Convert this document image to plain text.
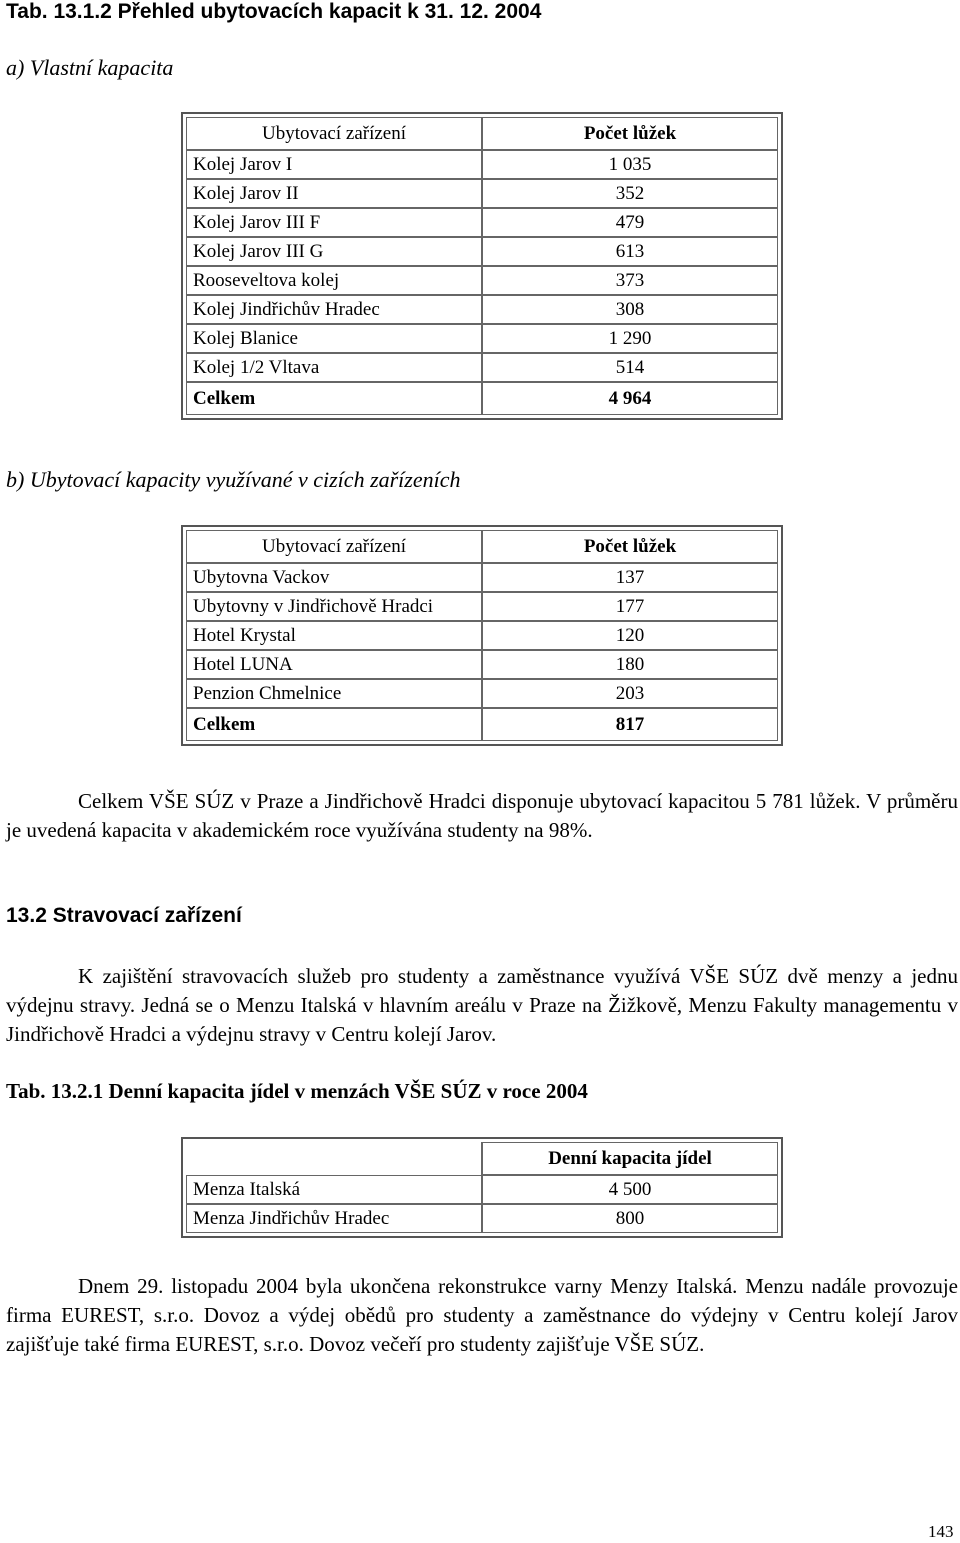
Tab. 13.1.2 Přehled ubytovacích kapacit k 31. 12. 2004
a) Vlastní kapacita
Ubytovací zařízení	Počet lůžek
Kolej Jarov I	1 035
Kolej Jarov II	352
Kolej Jarov III F	479
Kolej Jarov III G	613
Rooseveltova kolej	373
Kolej Jindřichův Hradec	308
Kolej Blanice	1 290
Kolej 1/2 Vltava	514
Celkem	4 964
b) Ubytovací kapacity využívané v cizích zařízeních
Ubytovací zařízení	Počet lůžek
Ubytovna Vackov	137
Ubytovny v Jindřichově Hradci	177
Hotel Krystal	120
Hotel LUNA	180
Penzion Chmelnice	203
Celkem	817
Celkem VŠE SÚZ v Praze a Jindřichově Hradci disponuje ubytovací kapacitou 5 781 lůžek. V průměru je uvedená kapacita v akademickém roce využívána studenty na 98%.
13.2 Stravovací zařízení
K zajištění stravovacích služeb pro studenty a zaměstnance využívá VŠE SÚZ dvě menzy a jednu výdejnu stravy. Jedná se o Menzu Italská v hlavním areálu v Praze na Žižkově, Menzu Fakulty managementu v Jindřichově Hradci a výdejnu stravy v Centru kolejí Jarov.
Tab. 13.2.1 Denní kapacita jídel v menzách VŠE SÚZ v roce 2004
	Denní kapacita jídel
Menza Italská	4 500
Menza Jindřichův Hradec	800
Dnem 29. listopadu 2004 byla ukončena rekonstrukce varny Menzy Italská. Menzu nadále provozuje firma EUREST, s.r.o. Dovoz a výdej obědů pro studenty a zaměstnance do výdejny v Centru kolejí Jarov zajišťuje také firma EUREST, s.r.o. Dovoz večeří pro studenty zajišťuje VŠE SÚZ.
143
